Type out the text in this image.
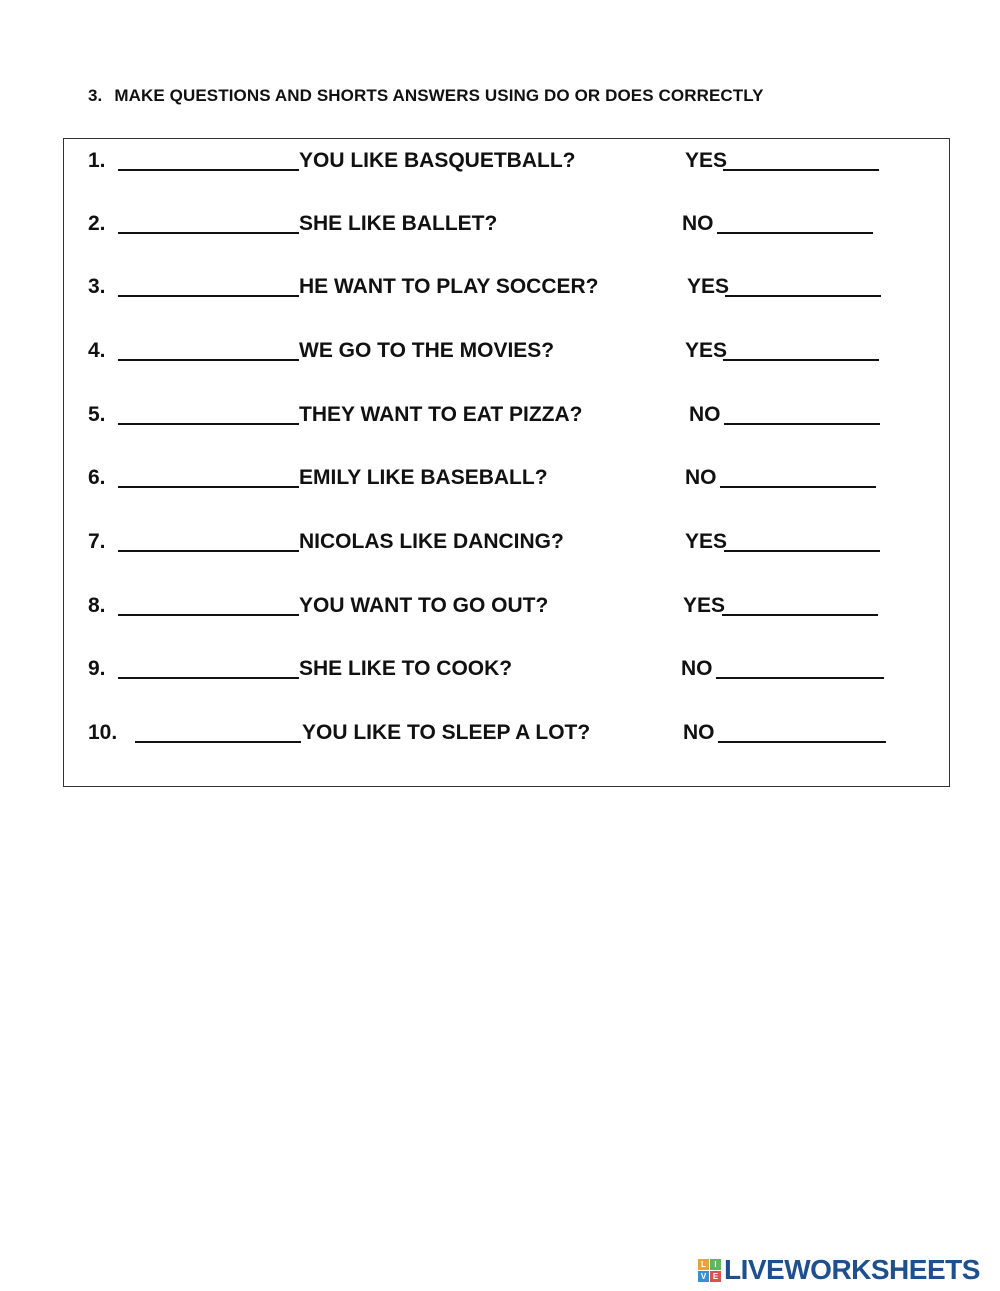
3. MAKE QUESTIONS AND SHORTS ANSWERS USING DO OR DOES CORRECTLY
1.	YOU LIKE BASQUETBALL?	YES
2.	SHE LIKE BALLET?	NO
3.	HE WANT TO PLAY SOCCER?	YES
4.	WE GO TO THE MOVIES?	YES
5.	THEY WANT TO EAT PIZZA?	NO
6.	EMILY LIKE BASEBALL?	NO
7.	NICOLAS LIKE DANCING?	YES
8.	YOU WANT TO GO OUT?	YES
9.	SHE LIKE TO COOK?	NO
10.	YOU LIKE TO SLEEP A LOT?	NO
L	I
V E LIVEWORKSHEETS
